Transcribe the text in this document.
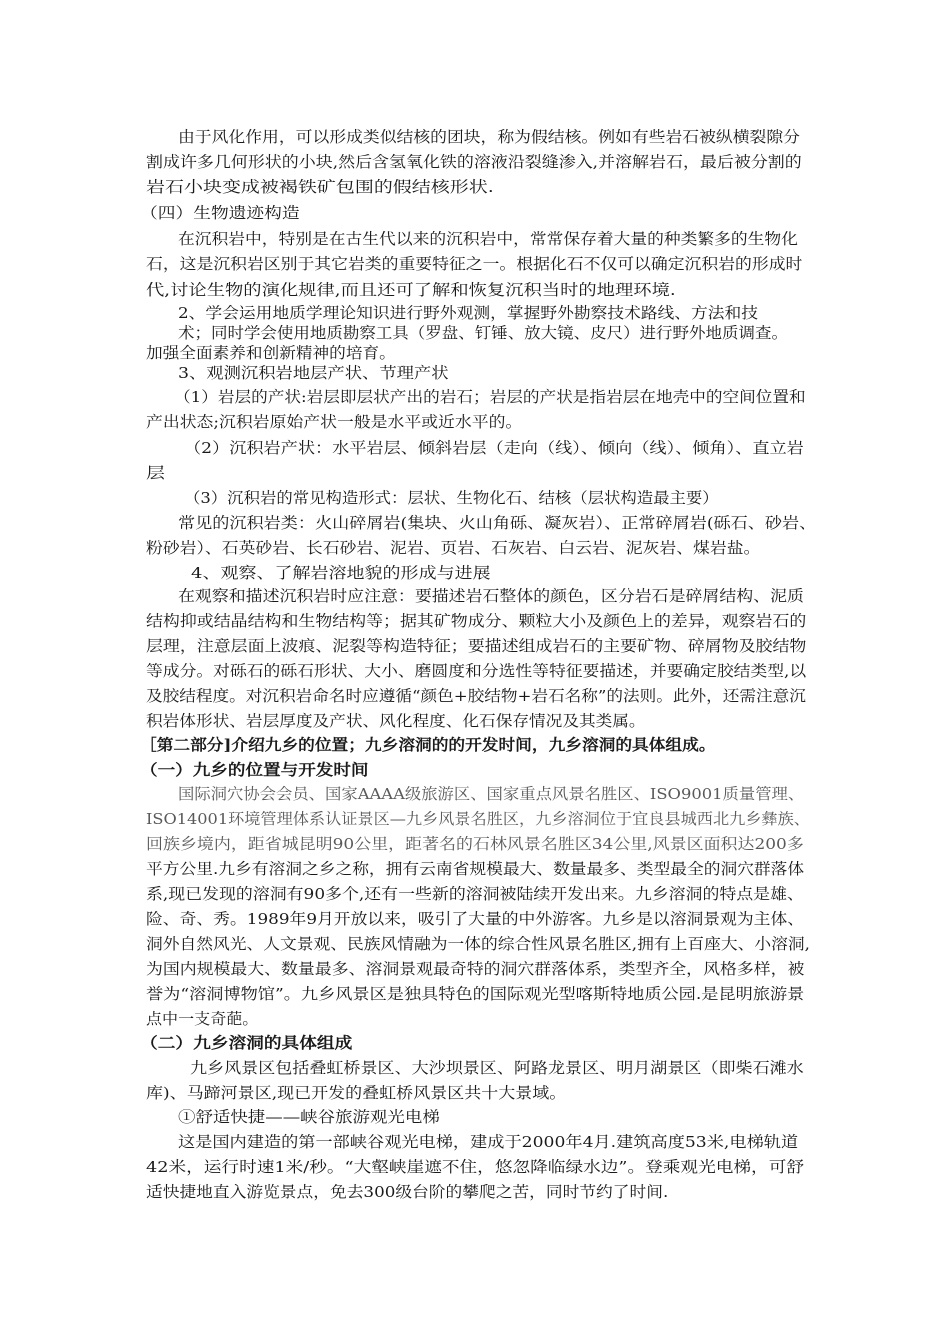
由于风化作用，可以形成类似结核的团块，称为假结核。例如有些岩石被纵横裂隙分
割成许多几何形状的小块,然后含氢氧化铁的溶液沿裂缝渗入,并溶解岩石，最后被分割的
岩石小块变成被褐铁矿包围的假结核形状.
（四）生物遗迹构造
在沉积岩中，特别是在古生代以来的沉积岩中，常常保存着大量的种类繁多的生物化
石，这是沉积岩区别于其它岩类的重要特征之一。根据化石不仅可以确定沉积岩的形成时
代,讨论生物的演化规律,而且还可了解和恢复沉积当时的地理环境.
2、学会运用地质学理论知识进行野外观测，掌握野外勘察技术路线、方法和技
术；同时学会使用地质勘察工具（罗盘、钉锤、放大镜、皮尺）进行野外地质调查。
加强全面素养和创新精神的培育。
3、观测沉积岩地层产状、节理产状
（1）岩层的产状:岩层即层状产出的岩石；岩层的产状是指岩层在地壳中的空间位置和
产出状态;沉积岩原始产状一般是水平或近水平的。
（2）沉积岩产状：水平岩层、倾斜岩层（走向（线）、倾向（线）、倾角）、直立岩
层
（3）沉积岩的常见构造形式：层状、生物化石、结核（层状构造最主要）
常见的沉积岩类：火山碎屑岩(集块、火山角砾、凝灰岩）、正常碎屑岩(砾石、砂岩、
粉砂岩）、石英砂岩、长石砂岩、泥岩、页岩、石灰岩、白云岩、泥灰岩、煤岩盐。
4、观察、了解岩溶地貌的形成与进展
在观察和描述沉积岩时应注意：要描述岩石整体的颜色，区分岩石是碎屑结构、泥质
结构抑或结晶结构和生物结构等；据其矿物成分、颗粒大小及颜色上的差异，观察岩石的
层理，注意层面上波痕、泥裂等构造特征；要描述组成岩石的主要矿物、碎屑物及胶结物
等成分。对砾石的砾石形状、大小、磨圆度和分选性等特征要描述，并要确定胶结类型,以
及胶结程度。对沉积岩命名时应遵循“颜色+胶结物+岩石名称”的法则。此外，还需注意沉
积岩体形状、岩层厚度及产状、风化程度、化石保存情况及其类属。
［第二部分]介绍九乡的位置；九乡溶洞的的开发时间，九乡溶洞的具体组成。
（一）九乡的位置与开发时间
国际洞穴协会会员、国家AAAA级旅游区、国家重点风景名胜区、ISO9001质量管理、
ISO14001环境管理体系认证景区—九乡风景名胜区，九乡溶洞位于宜良县城西北九乡彝族、
回族乡境内，距省城昆明90公里，距著名的石林风景名胜区34公里,风景区面积达200多
平方公里.九乡有溶洞之乡之称，拥有云南省规模最大、数量最多、类型最全的洞穴群落体
系,现已发现的溶洞有90多个,还有一些新的溶洞被陆续开发出来。九乡溶洞的特点是雄、
险、奇、秀。1989年9月开放以来，吸引了大量的中外游客。九乡是以溶洞景观为主体、
洞外自然风光、人文景观、民族风情融为一体的综合性风景名胜区,拥有上百座大、小溶洞,
为国内规模最大、数量最多、溶洞景观最奇特的洞穴群落体系，类型齐全，风格多样，被
誉为“溶洞博物馆”。九乡风景区是独具特色的国际观光型喀斯特地质公园.是昆明旅游景
点中一支奇葩。
（二）九乡溶洞的具体组成
九乡风景区包括叠虹桥景区、大沙坝景区、阿路龙景区、明月湖景区（即柴石滩水
库)、马蹄河景区,现已开发的叠虹桥风景区共十大景域。
①舒适快捷——峡谷旅游观光电梯
这是国内建造的第一部峡谷观光电梯，建成于2000年4月.建筑高度53米,电梯轨道
42米，运行时速1米/秒。“大壑峡崖遮不住，悠忽降临绿水边”。登乘观光电梯，可舒
适快捷地直入游览景点，免去300级台阶的攀爬之苦，同时节约了时间.
